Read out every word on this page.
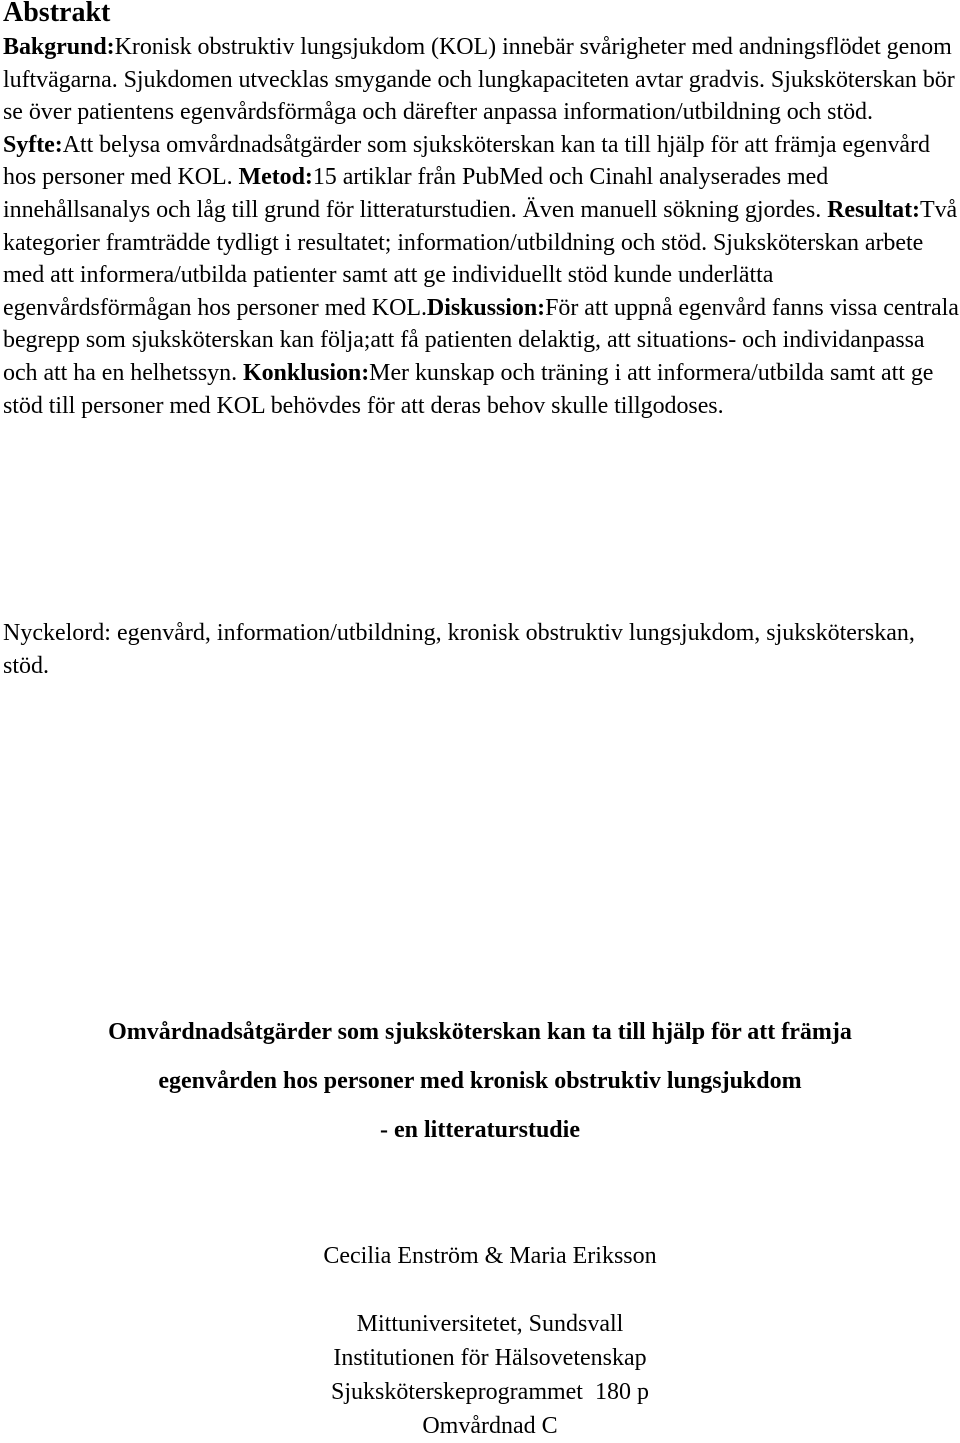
Abstrakt

Bakgrund:Kronisk obstruktiv lungsjukdom (KOL) innebär svårigheter med andningsflödet genom luftvägarna. Sjukdomen utvecklas smygande och lungkapaciteten avtar gradvis. Sjuksköterskan bör se över patientens egenvårdsförmåga och därefter anpassa information/utbildning och stöd. Syfte:Att belysa omvårdnadsåtgärder som sjuksköterskan kan ta till hjälp för att främja egenvård hos personer med KOL. Metod:15 artiklar från PubMed och Cinahl analyserades med innehållsanalys och låg till grund för litteraturstudien. Även manuell sökning gjordes. Resultat:Två kategorier framträdde tydligt i resultatet; information/utbildning och stöd. Sjuksköterskan arbete med att informera/utbilda patienter samt att ge individuellt stöd kunde underlätta egenvårdsförmågan hos personer med KOL.Diskussion:För att uppnå egenvård fanns vissa centrala begrepp som sjuksköterskan kan följa;att få patienten delaktig, att situations- och individanpassa och att ha en helhetssyn. Konklusion:Mer kunskap och träning i att informera/utbilda samt att ge stöd till personer med KOL behövdes för att deras behov skulle tillgodoses.

Nyckelord: egenvård, information/utbildning, kronisk obstruktiv lungsjukdom, sjuksköterskan, stöd.

Omvårdnadsåtgärder som sjuksköterskan kan ta till hjälp för att främja

egenvården hos personer med kronisk obstruktiv lungsjukdom

- en litteraturstudie

Cecilia Enström & Maria Eriksson

Mittuniversitetet, Sundsvall

Institutionen för Hälsovetenskap

Sjuksköterskeprogrammet  180 p

Omvårdnad C
